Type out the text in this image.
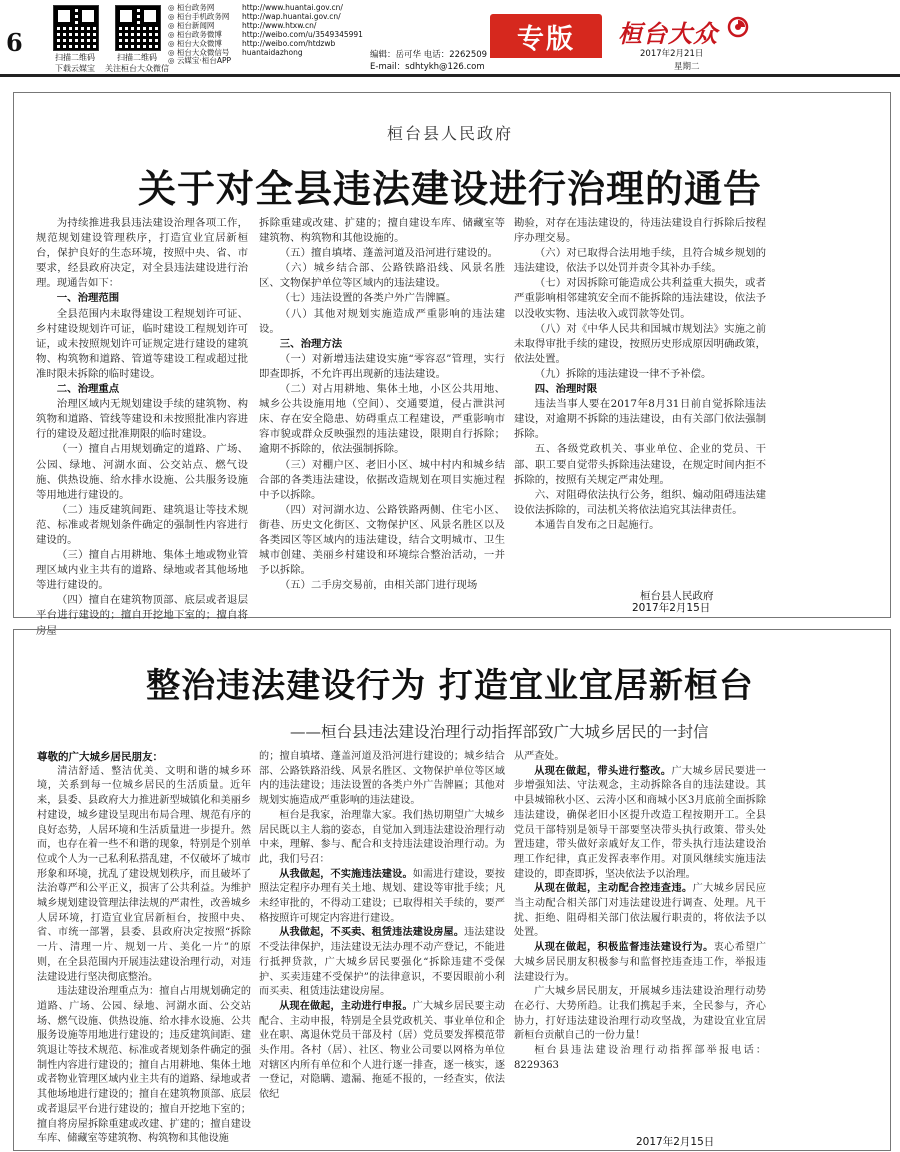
6
扫描二维码
下载云媒宝
扫描二维码
关注桓台大众微信
◎ 桓台政务网
◎ 桓台手机政务网
◎ 桓台新闻网
◎ 桓台政务微博
◎ 桓台大众微博
◎ 桓台大众微信号
◎ 云媒宝·桓台APP
http://www.huantai.gov.cn/
http://wap.huantai.gov.cn/
http://www.htxw.cn/
http://weibo.com/u/3549345991
http://weibo.com/htdzwb
huantaidazhong	编辑：岳可华 电话：2262509
E-mail：sdhtykh@126.com
专版	桓台大众
2017年2月21日
星期二
桓台县人民政府
关于对全县违法建设进行治理的通告

为持续推进我县违法建设治理各项工作，规范规划建设管理秩序，打造宜业宜居新桓台，保护良好的生态环境，按照中央、省、市要求，经县政府决定，对全县违法建设进行治理。现通告如下：

一、治理范围

全县范围内未取得建设工程规划许可证、乡村建设规划许可证，临时建设工程规划许可证，或未按照规划许可证规定进行建设的建筑物、构筑物和道路、管道等建设工程或超过批准时限未拆除的临时建设。

二、治理重点

治理区域内无规划建设手续的建筑物、构筑物和道路、管线等建设和未按照批准内容进行的建设及超过批准期限的临时建设。

（一）擅自占用规划确定的道路、广场、公园、绿地、河湖水面、公交站点、燃气设施、供热设施、给水排水设施、公共服务设施等用地进行建设的。

（二）违反建筑间距、建筑退让等技术规范、标准或者规划条件确定的强制性内容进行建设的。

（三）擅自占用耕地、集体土地或物业管理区域内业主共有的道路、绿地或者其他场地等进行建设的。

（四）擅自在建筑物顶部、底层或者退层平台进行建设的；擅自开挖地下室的；擅自将房屋

拆除重建或改建、扩建的；擅自建设车库、储藏室等建筑物、构筑物和其他设施的。

（五）擅自填堵、蓬盖河道及沿河进行建设的。

（六）城乡结合部、公路铁路沿线、风景名胜区、文物保护单位等区域内的违法建设。

（七）违法设置的各类户外广告牌匾。

（八）其他对规划实施造成严重影响的违法建设。

三、治理方法

（一）对新增违法建设实施“零容忍”管理，实行即查即拆，不允许再出现新的违法建设。

（二）对占用耕地、集体土地，小区公共用地、城乡公共设施用地（空间）、交通要道，侵占泄洪河床、存在安全隐患、妨碍重点工程建设，严重影响市容市貌或群众反映强烈的违法建设，限期自行拆除；逾期不拆除的，依法强制拆除。

（三）对棚户区、老旧小区、城中村内和城乡结合部的各类违法建设，依据改造规划在项目实施过程中予以拆除。

（四）对河湖水边、公路铁路两侧、住宅小区、街巷、历史文化街区、文物保护区、风景名胜区以及各类园区等区域内的违法建设，结合文明城市、卫生城市创建、美丽乡村建设和环境综合整治活动，一并予以拆除。

（五）二手房交易前，由相关部门进行现场

勘验，对存在违法建设的，待违法建设自行拆除后按程序办理交易。

（六）对已取得合法用地手续，且符合城乡规划的违法建设，依法予以处罚并责令其补办手续。

（七）对因拆除可能造成公共利益重大损失，或者严重影响相邻建筑安全而不能拆除的违法建设，依法予以没收实物、违法收入或罚款等处罚。

（八）对《中华人民共和国城市规划法》实施之前未取得审批手续的建设，按照历史形成原因明确政策，依法处置。

（九）拆除的违法建设一律不予补偿。

四、治理时限

违法当事人要在2017年8月31日前自觉拆除违法建设，对逾期不拆除的违法建设，由有关部门依法强制拆除。

五、各级党政机关、事业单位、企业的党员、干部、职工要自觉带头拆除违法建设，在规定时间内拒不拆除的，按照有关规定严肃处理。

六、对阻碍依法执行公务，组织、煽动阻碍违法建设依法拆除的，司法机关将依法追究其法律责任。

本通告自发布之日起施行。

桓台县人民政府
2017年2月15日
整治违法建设行为 打造宜业宜居新桓台
——桓台县违法建设治理行动指挥部致广大城乡居民的一封信
尊敬的广大城乡居民朋友：

清洁舒适、整洁优美、文明和谐的城乡环境，关系到每一位城乡居民的生活质量。近年来，县委、县政府大力推进新型城镇化和美丽乡村建设，城乡建设呈现出布局合理、规范有序的良好态势，人居环境和生活质量进一步提升。然而，也存在着一些不和谐的现象，特别是个别单位或个人为一己私利私搭乱建，不仅破坏了城市形象和环境，扰乱了建设规划秩序，而且破坏了法治尊严和公平正义，损害了公共利益。为维护城乡规划建设管理法律法规的严肃性，改善城乡人居环境，打造宜业宜居新桓台，按照中央、省、市统一部署，县委、县政府决定按照“拆除一片、清理一片、规划一片、美化一片”的原则，在全县范围内开展违法建设治理行动，对违法建设进行坚决彻底整治。

违法建设治理重点为：擅自占用规划确定的道路、广场、公园、绿地、河湖水面、公交站场、燃气设施、供热设施、给水排水设施、公共服务设施等用地进行建设的；违反建筑间距、建筑退让等技术规范、标准或者规划条件确定的强制性内容进行建设的；擅自占用耕地、集体土地或者物业管理区域内业主共有的道路、绿地或者其他场地进行建设的；擅自在建筑物顶部、底层或者退层平台进行建设的；擅自开挖地下室的；擅自将房屋拆除重建或改建、扩建的；擅自建设车库、储藏室等建筑物、构筑物和其他设施

的；擅自填堵、蓬盖河道及沿河进行建设的；城乡结合部、公路铁路沿线、风景名胜区、文物保护单位等区域内的违法建设；违法设置的各类户外广告牌匾；其他对规划实施造成严重影响的违法建设。

桓台是我家，治理靠大家。我们热切期望广大城乡居民既以主人翁的姿态，自觉加入到违法建设治理行动中来，理解、参与、配合和支持违法建设治理行动。为此，我们号召：

从我做起，不实施违法建设。如需进行建设，要按照法定程序办理有关土地、规划、建设等审批手续；凡未经审批的，不得动工建设；已取得相关手续的，要严格按照许可规定内容进行建设。

从我做起，不买卖、租赁违法建设房屋。违法建设不受法律保护，违法建设无法办理不动产登记，不能进行抵押贷款，广大城乡居民要强化“拆除违建不受保护、买卖违建不受保护”的法律意识，不要因眼前小利而买卖、租赁违法建设房屋。

从现在做起，主动进行申报。广大城乡居民要主动配合、主动申报，特别是全县党政机关、事业单位和企业在职、离退休党员干部及村（居）党员要发挥模范带头作用。各村（居）、社区、物业公司要以网格为单位对辖区内所有单位和个人进行逐一排查，逐一核实，逐一登记，对隐瞒、遗漏、拖延不报的，一经查实，依法依纪

从严查处。

从现在做起，带头进行整改。广大城乡居民要进一步增强知法、守法观念，主动拆除各自的违法建设。其中县城锦秋小区、云涛小区和商城小区3月底前全面拆除违法建设，确保老旧小区提升改造工程按期开工。全县党员干部特别是领导干部要坚决带头执行政策、带头处置违建，带头做好亲戚好友工作，带头执行违法建设治理工作纪律，真正发挥表率作用。对顶风继续实施违法建设的，即查即拆，坚决依法予以治理。

从现在做起，主动配合控违查违。广大城乡居民应当主动配合相关部门对违法建设进行调查、处理。凡干扰、拒绝、阻碍相关部门依法履行职责的，将依法予以处置。

从现在做起，积极监督违法建设行为。衷心希望广大城乡居民朋友积极参与和监督控违查违工作，举报违法建设行为。

广大城乡居民朋友，开展城乡违法建设治理行动势在必行、大势所趋。让我们携起手来，全民参与，齐心协力，打好违法建设治理行动攻坚战，为建设宜业宜居新桓台贡献自己的一份力量！

桓台县违法建设治理行动指挥部举报电话：8229363

2017年2月15日
